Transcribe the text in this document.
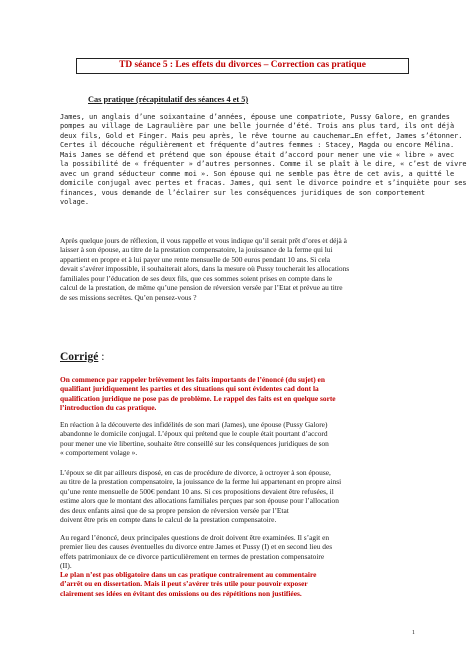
TD séance 5 : Les effets du divorces – Correction cas pratique
Cas pratique (récapitulatif des séances 4 et 5)
James, un anglais d’une soixantaine d’années, épouse une compatriote, Pussy Galore, en grandes
pompes au village de Lagraulière par une belle journée d’été. Trois ans plus tard, ils ont déjà
deux fils, Gold et Finger. Mais peu après, le rêve tourne au cauchemar…En effet, James s’étonner.
Certes il découche régulièrement et fréquente d’autres femmes : Stacey, Magda ou encore Mélina.
Mais James se défend et prétend que son épouse était d’accord pour mener une vie « libre » avec
la possibilité de « fréquenter » d’autres personnes. Comme il se plaît à le dire, « c’est de vivre
avec un grand séducteur comme moi ». Son épouse qui ne semble pas être de cet avis, a quitté le
domicile conjugal avec pertes et fracas. James, qui sent le divorce poindre et s’inquiète pour ses
finances, vous demande de l’éclairer sur les conséquences juridiques de son comportement
volage.
Après quelque jours de réflexion, il vous rappelle et vous indique qu’il serait prêt d’ores et déjà à
laisser à son épouse, au titre de la prestation compensatoire, la jouissance de la ferme qui lui
appartient en propre et à lui payer une rente mensuelle de 500 euros pendant 10 ans. Si cela
devait s’avérer impossible, il souhaiterait alors, dans la mesure où Pussy toucherait les allocations
familiales pour l’éducation de ses deux fils, que ces sommes soient prises en compte dans le
calcul de la prestation, de même qu’une pension de réversion versée par l’Etat et prévue au titre
de ses missions secrètes. Qu’en pensez-vous ?
Corrigé :
On commence par rappeler brièvement les faits importants de l’énoncé (du sujet) en
qualifiant juridiquement les parties et des situations qui sont évidentes cad dont la
qualification juridique ne pose pas de problème. Le rappel des faits est en quelque sorte
l’introduction du cas pratique.
En réaction à la découverte des infidélités de son mari (James), une épouse (Pussy Galore)
abandonne le domicile conjugal. L’époux qui prétend que le couple était pourtant d’accord
pour mener une vie libertine, souhaite être conseillé sur les conséquences juridiques de son
« comportement volage ».
L’époux se dit par ailleurs disposé, en cas de procédure de divorce, à octroyer à son épouse,
au titre de la prestation compensatoire, la jouissance de la ferme lui appartenant en propre ainsi
qu’une rente mensuelle de 500€ pendant 10 ans. Si ces propositions devaient être refusées, il
estime alors que le montant des allocations familiales perçues par son épouse pour l’allocation
des deux enfants ainsi que de sa propre pension de réversion versée par l’Etat
doivent être pris en compte dans le calcul de la prestation compensatoire.
Au regard l’énoncé, deux principales questions de droit doivent être examinées. Il s’agit en
premier lieu des causes éventuelles du divorce entre James et Pussy (I) et en second lieu des
effets patrimoniaux de ce divorce particulièrement en termes de prestation compensatoire
(II).
Le plan n’est pas obligatoire dans un cas pratique contrairement au commentaire
d’arrêt ou en dissertation. Mais il peut s’avérer très utile pour pouvoir exposer
clairement ses idées en évitant des omissions ou des répétitions non justifiées.
1
